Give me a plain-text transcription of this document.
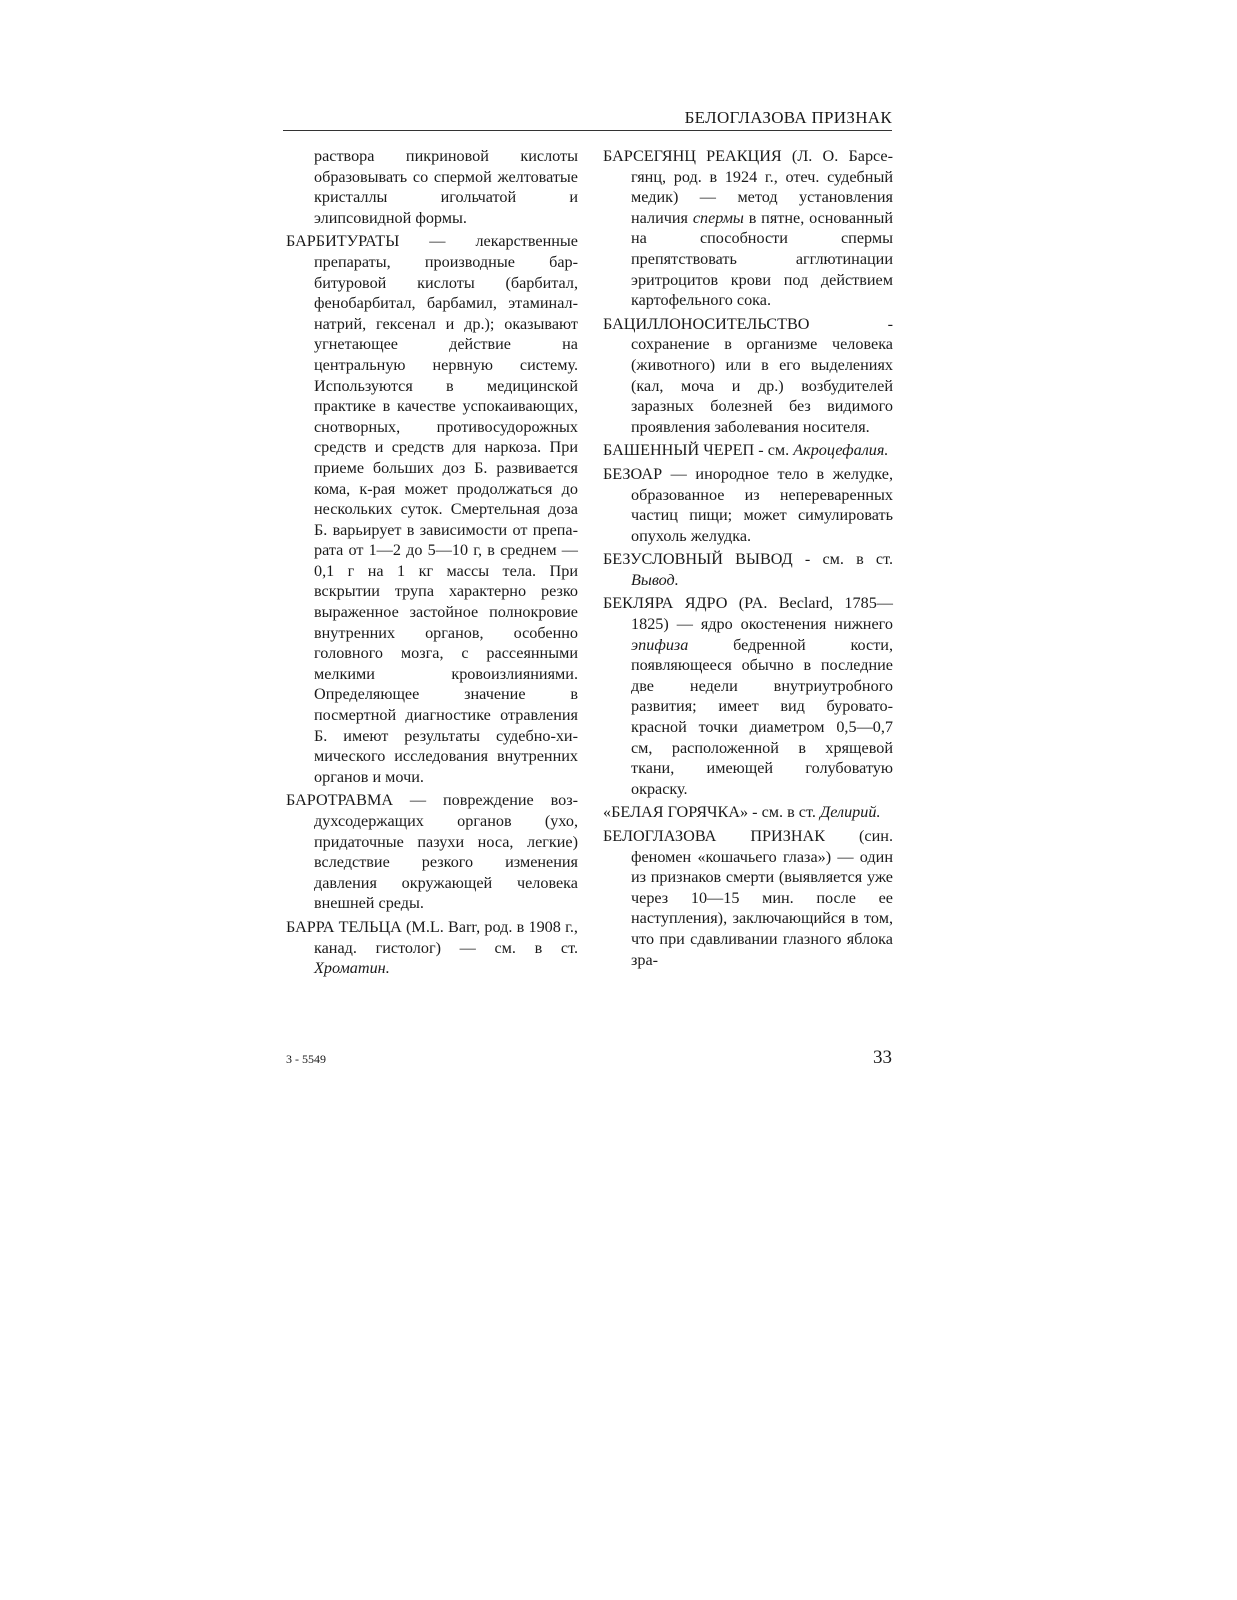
БЕЛОГЛАЗОВА ПРИЗНАК

раствора пикриновой кислоты образовывать со спермой желтоватые кристаллы игольчатой и элипсовидной формы.

БАРБИТУРАТЫ — лекарственные препараты, производные барбитуровой кислоты (барбитал, фенобарбитал, барбамил, этаминал-натрий, гексенал и др.); оказывают угнетающее действие на центральную нервную систему. Используются в медицинской практике в качестве успокаивающих, снотворных, противосудорожных средств и средств для наркоза. При приеме больших доз Б. развивается кома, к-рая может продолжаться до нескольких суток. Смертельная доза Б. варьирует в зависимости от препарата от 1—2 до 5—10 г, в среднем — 0,1 г на 1 кг массы тела. При вскрытии трупа характерно резко выраженное застойное полнокровие внутренних органов, особенно головного мозга, с рассеянными мелкими кровоизлияниями. Определяющее значение в посмертной диагностике отравления Б. имеют результаты судебно-химического исследования внутренних органов и мочи.

БАРОТРАВМА — повреждение воздухсодержащих органов (ухо, придаточные пазухи носа, легкие) вследствие резкого изменения давления окружающей человека внешней среды.

БАРРА ТЕЛЬЦА (M.L. Barr, род. в 1908 г., канад. гистолог) — см. в ст. Хроматин.

БАРСЕГЯНЦ РЕАКЦИЯ (Л. О. Барсегянц, род. в 1924 г., отеч. судебный медик) — метод установления наличия спермы в пятне, основанный на способности спермы препятствовать агглютинации эритроцитов крови под действием картофельного сока.

БАЦИЛЛОНОСИТЕЛЬСТВО - сохранение в организме человека (животного) или в его выделениях (кал, моча и др.) возбудителей заразных болезней без видимого проявления заболевания носителя.

БАШЕННЫЙ ЧЕРЕП - см. Акроцефалия.

БЕЗОАР — инородное тело в желудке, образованное из непереваренных частиц пищи; может симулировать опухоль желудка.

БЕЗУСЛОВНЫЙ ВЫВОД - см. в ст. Вывод.

БЕКЛЯРА ЯДРО (PA. Beclard, 1785—1825) — ядро окостенения нижнего эпифиза бедренной кости, появляющееся обычно в последние две недели внутриутробного развития; имеет вид буровато-красной точки диаметром 0,5—0,7 см, расположенной в хрящевой ткани, имеющей голубоватую окраску.

«БЕЛАЯ ГОРЯЧКА» - см. в ст. Делирий.

БЕЛОГЛАЗОВА ПРИЗНАК (син. феномен «кошачьего глаза») — один из признаков смерти (выявляется уже через 10—15 мин. после ее наступления), заключающийся в том, что при сдавливании глазного яблока зра-

3 - 5549	33
